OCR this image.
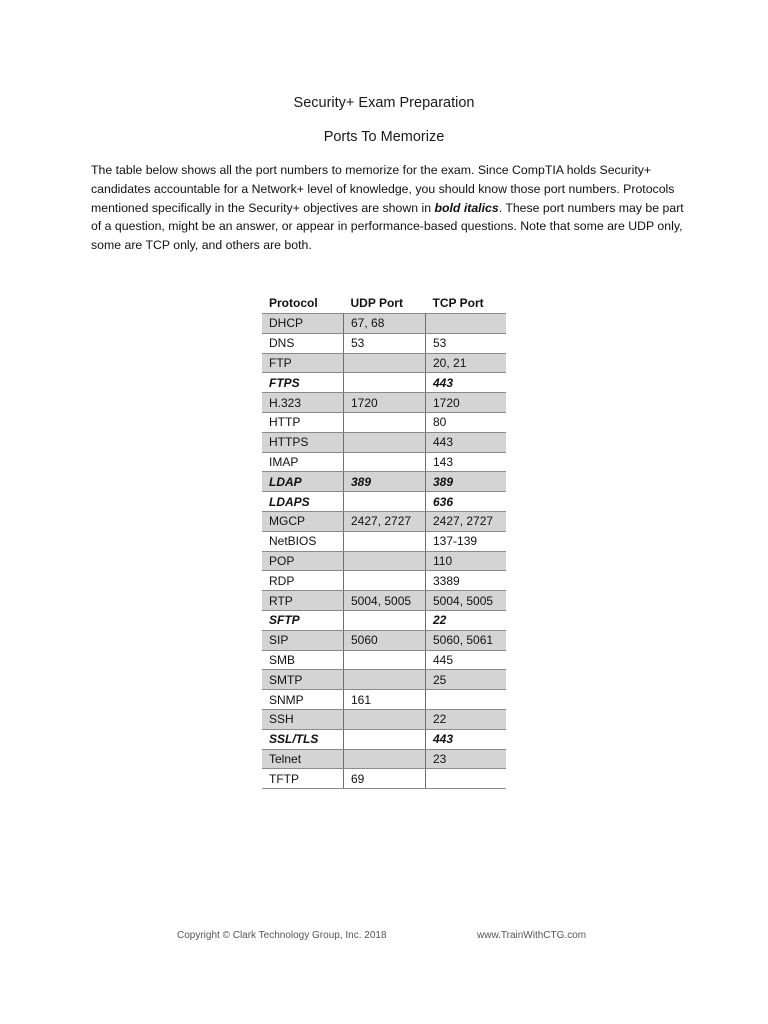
Security+ Exam Preparation
Ports To Memorize
The table below shows all the port numbers to memorize for the exam. Since CompTIA holds Security+ candidates accountable for a Network+ level of knowledge, you should know those port numbers. Protocols mentioned specifically in the Security+ objectives are shown in bold italics. These port numbers may be part of a question, might be an answer, or appear in performance-based questions. Note that some are UDP only, some are TCP only, and others are both.
Protocol	UDP Port	TCP Port
DHCP	67, 68	
DNS	53	53
FTP		20, 21
FTPS		443
H.323	1720	1720
HTTP		80
HTTPS		443
IMAP		143
LDAP	389	389
LDAPS		636
MGCP	2427, 2727	2427, 2727
NetBIOS		137-139
POP		110
RDP		3389
RTP	5004, 5005	5004, 5005
SFTP		22
SIP	5060	5060, 5061
SMB		445
SMTP		25
SNMP	161	
SSH		22
SSL/TLS		443
Telnet		23
TFTP	69	
Copyright © Clark Technology Group, Inc. 2018	www.TrainWithCTG.com
